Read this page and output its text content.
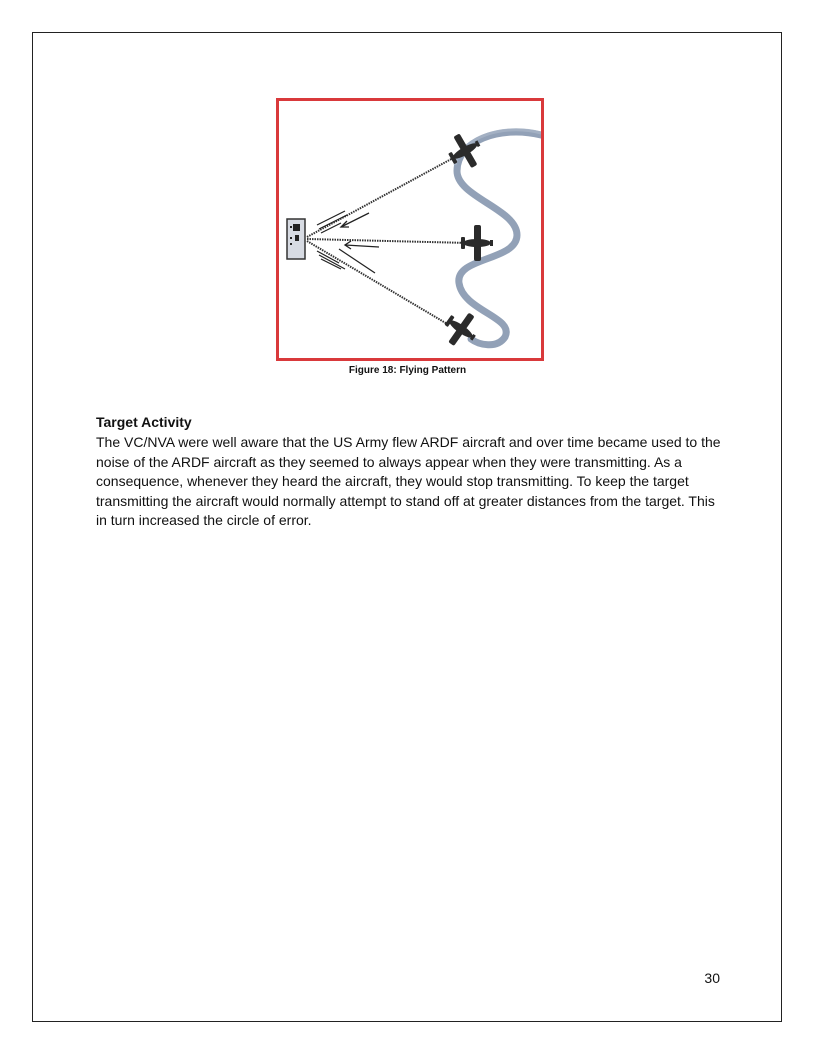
Figure 18: Flying Pattern

Target Activity

The VC/NVA were well aware that the US Army flew ARDF aircraft and over time became used to the noise of the ARDF aircraft as they seemed to always appear when they were transmitting. As a consequence, whenever they heard the aircraft, they would stop transmitting. To keep the target transmitting the aircraft would normally attempt to stand off at greater distances from the target. This in turn increased the circle of error.

30
